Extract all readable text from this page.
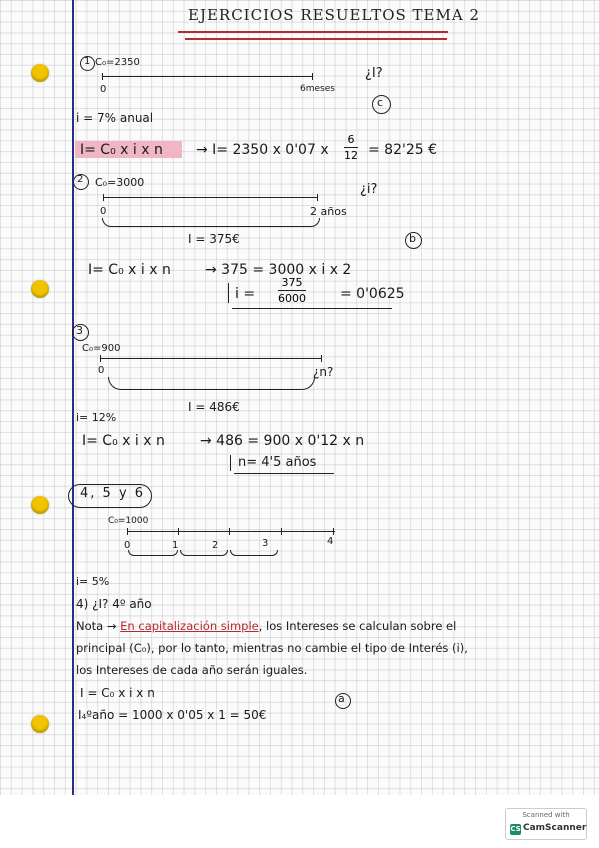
EJERCICIOS RESUELTOS TEMA 2
1 C₀=2350
0	6meses
¿I?
c
i = 7% anual
I= C₀ x i x n → I= 2350 x 0'07 x $\frac{6}{12} = 82'25$ €
2 C₀=3000	¿i?
0	2 años
I = 375€	b
I= C₀ x i x n → 375 = 3000 x i x 2
$i = \frac{375}{6000} = 0'0625$
3
C₀=900
0	¿n?
I = 486€
i= 12%
I= C₀ x i x n	→ 486 = 900 x 0'12 x n
n= 4'5 años
4, 5 y 6
C₀=1000
0	1	2	3	4
i= 5%
4) ¿I? 4º año
Nota → En capitalización simple, los Intereses se calculan sobre el
principal (C₀), por lo tanto, mientras no cambie el tipo de Interés (i),
los Intereses de cada año serán iguales.
I = C₀ x i x n
I₄ºaño = 1000 x 0'05 x 1 = 50€
a
Scanned with
CS CamScanner
